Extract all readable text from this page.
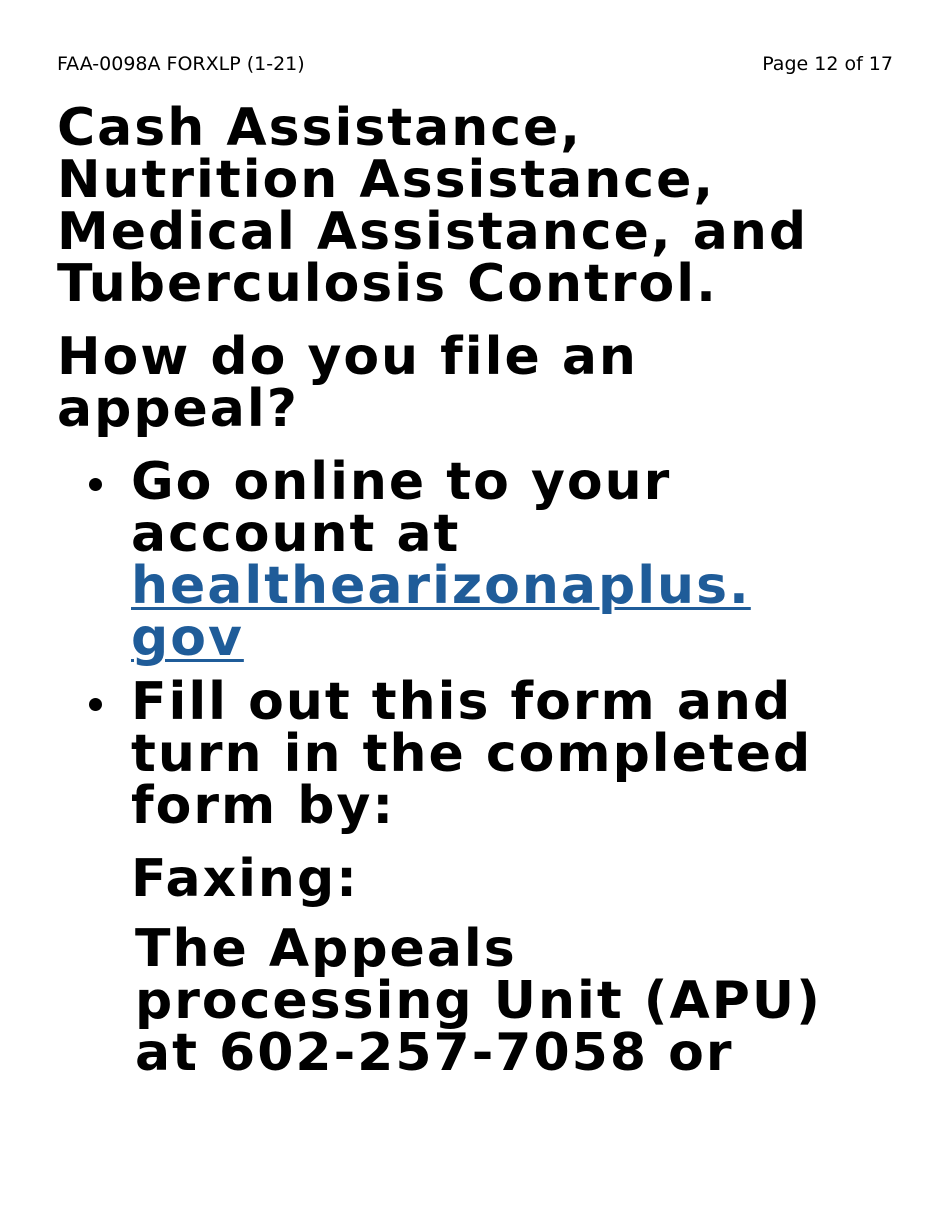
FAA-0098A FORXLP (1-21)	Page 12 of 17
Cash Assistance,
Nutrition Assistance,
Medical Assistance, and
Tuberculosis Control.
How do you file an
appeal?
Go online to your
account at
healthearizonaplus.
gov
Fill out this form and
turn in the completed
form by:
Faxing:
The Appeals
processing Unit (APU)
at 602-257-7058 or
